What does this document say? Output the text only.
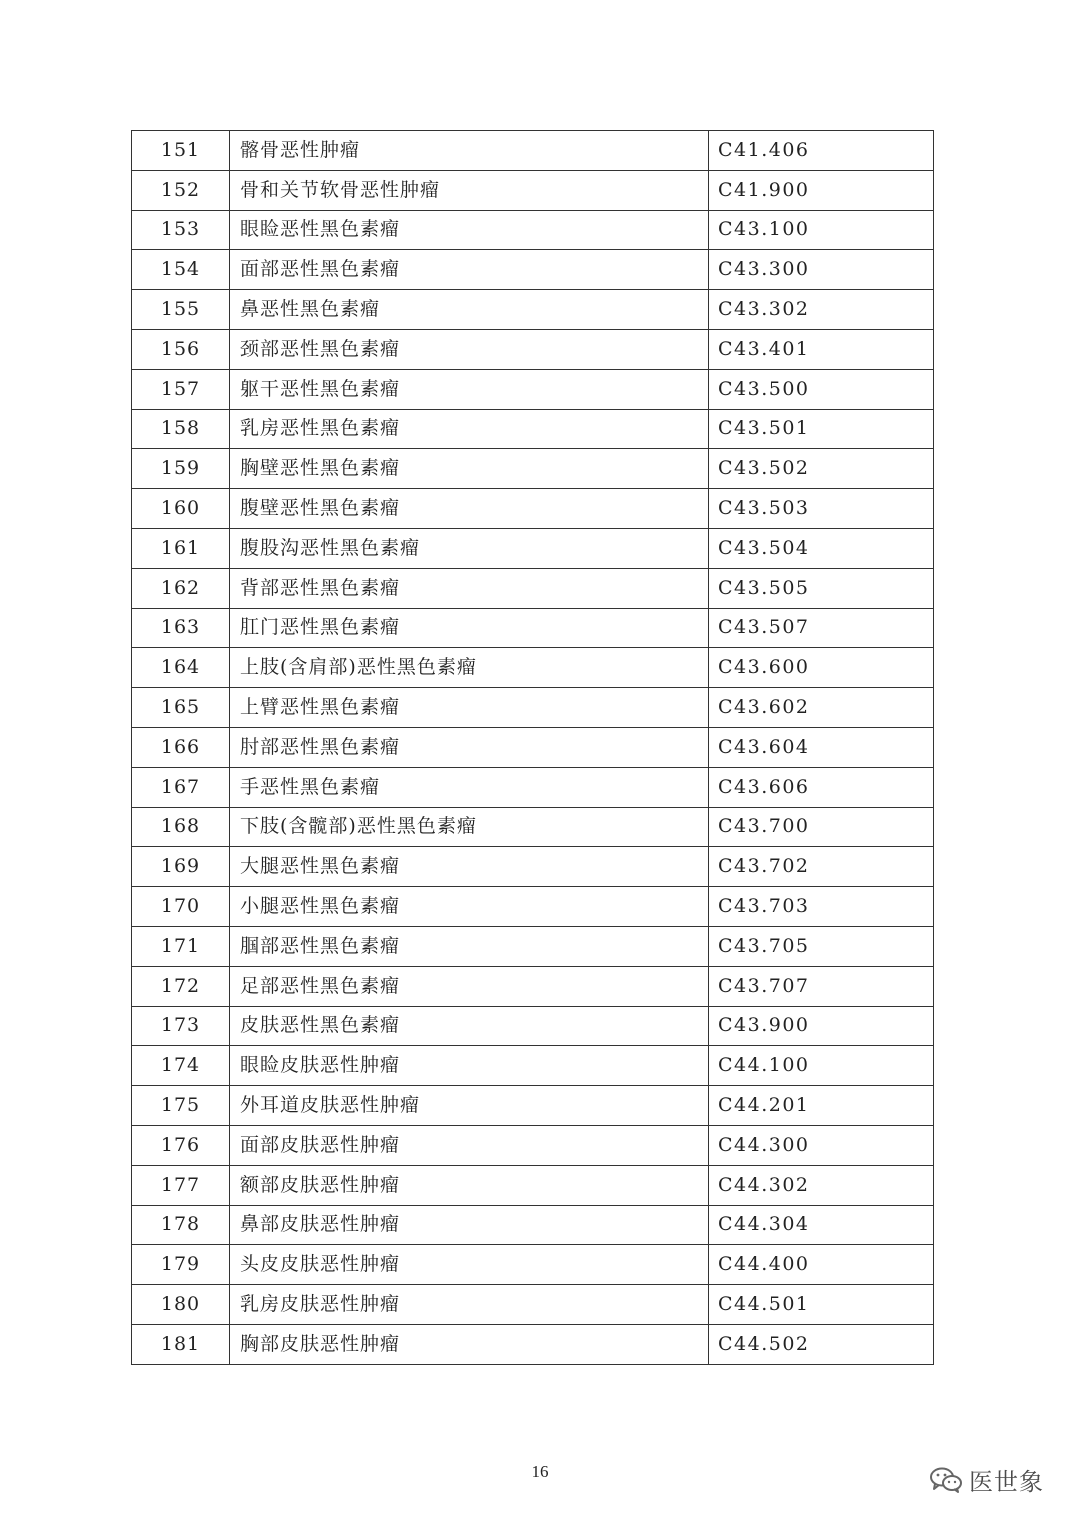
151	髂骨恶性肿瘤	C41.406
152	骨和关节软骨恶性肿瘤	C41.900
153	眼睑恶性黑色素瘤	C43.100
154	面部恶性黑色素瘤	C43.300
155	鼻恶性黑色素瘤	C43.302
156	颈部恶性黑色素瘤	C43.401
157	躯干恶性黑色素瘤	C43.500
158	乳房恶性黑色素瘤	C43.501
159	胸壁恶性黑色素瘤	C43.502
160	腹壁恶性黑色素瘤	C43.503
161	腹股沟恶性黑色素瘤	C43.504
162	背部恶性黑色素瘤	C43.505
163	肛门恶性黑色素瘤	C43.507
164	上肢(含肩部)恶性黑色素瘤	C43.600
165	上臂恶性黑色素瘤	C43.602
166	肘部恶性黑色素瘤	C43.604
167	手恶性黑色素瘤	C43.606
168	下肢(含髋部)恶性黑色素瘤	C43.700
169	大腿恶性黑色素瘤	C43.702
170	小腿恶性黑色素瘤	C43.703
171	腘部恶性黑色素瘤	C43.705
172	足部恶性黑色素瘤	C43.707
173	皮肤恶性黑色素瘤	C43.900
174	眼睑皮肤恶性肿瘤	C44.100
175	外耳道皮肤恶性肿瘤	C44.201
176	面部皮肤恶性肿瘤	C44.300
177	额部皮肤恶性肿瘤	C44.302
178	鼻部皮肤恶性肿瘤	C44.304
179	头皮皮肤恶性肿瘤	C44.400
180	乳房皮肤恶性肿瘤	C44.501
181	胸部皮肤恶性肿瘤	C44.502
16	医世象
